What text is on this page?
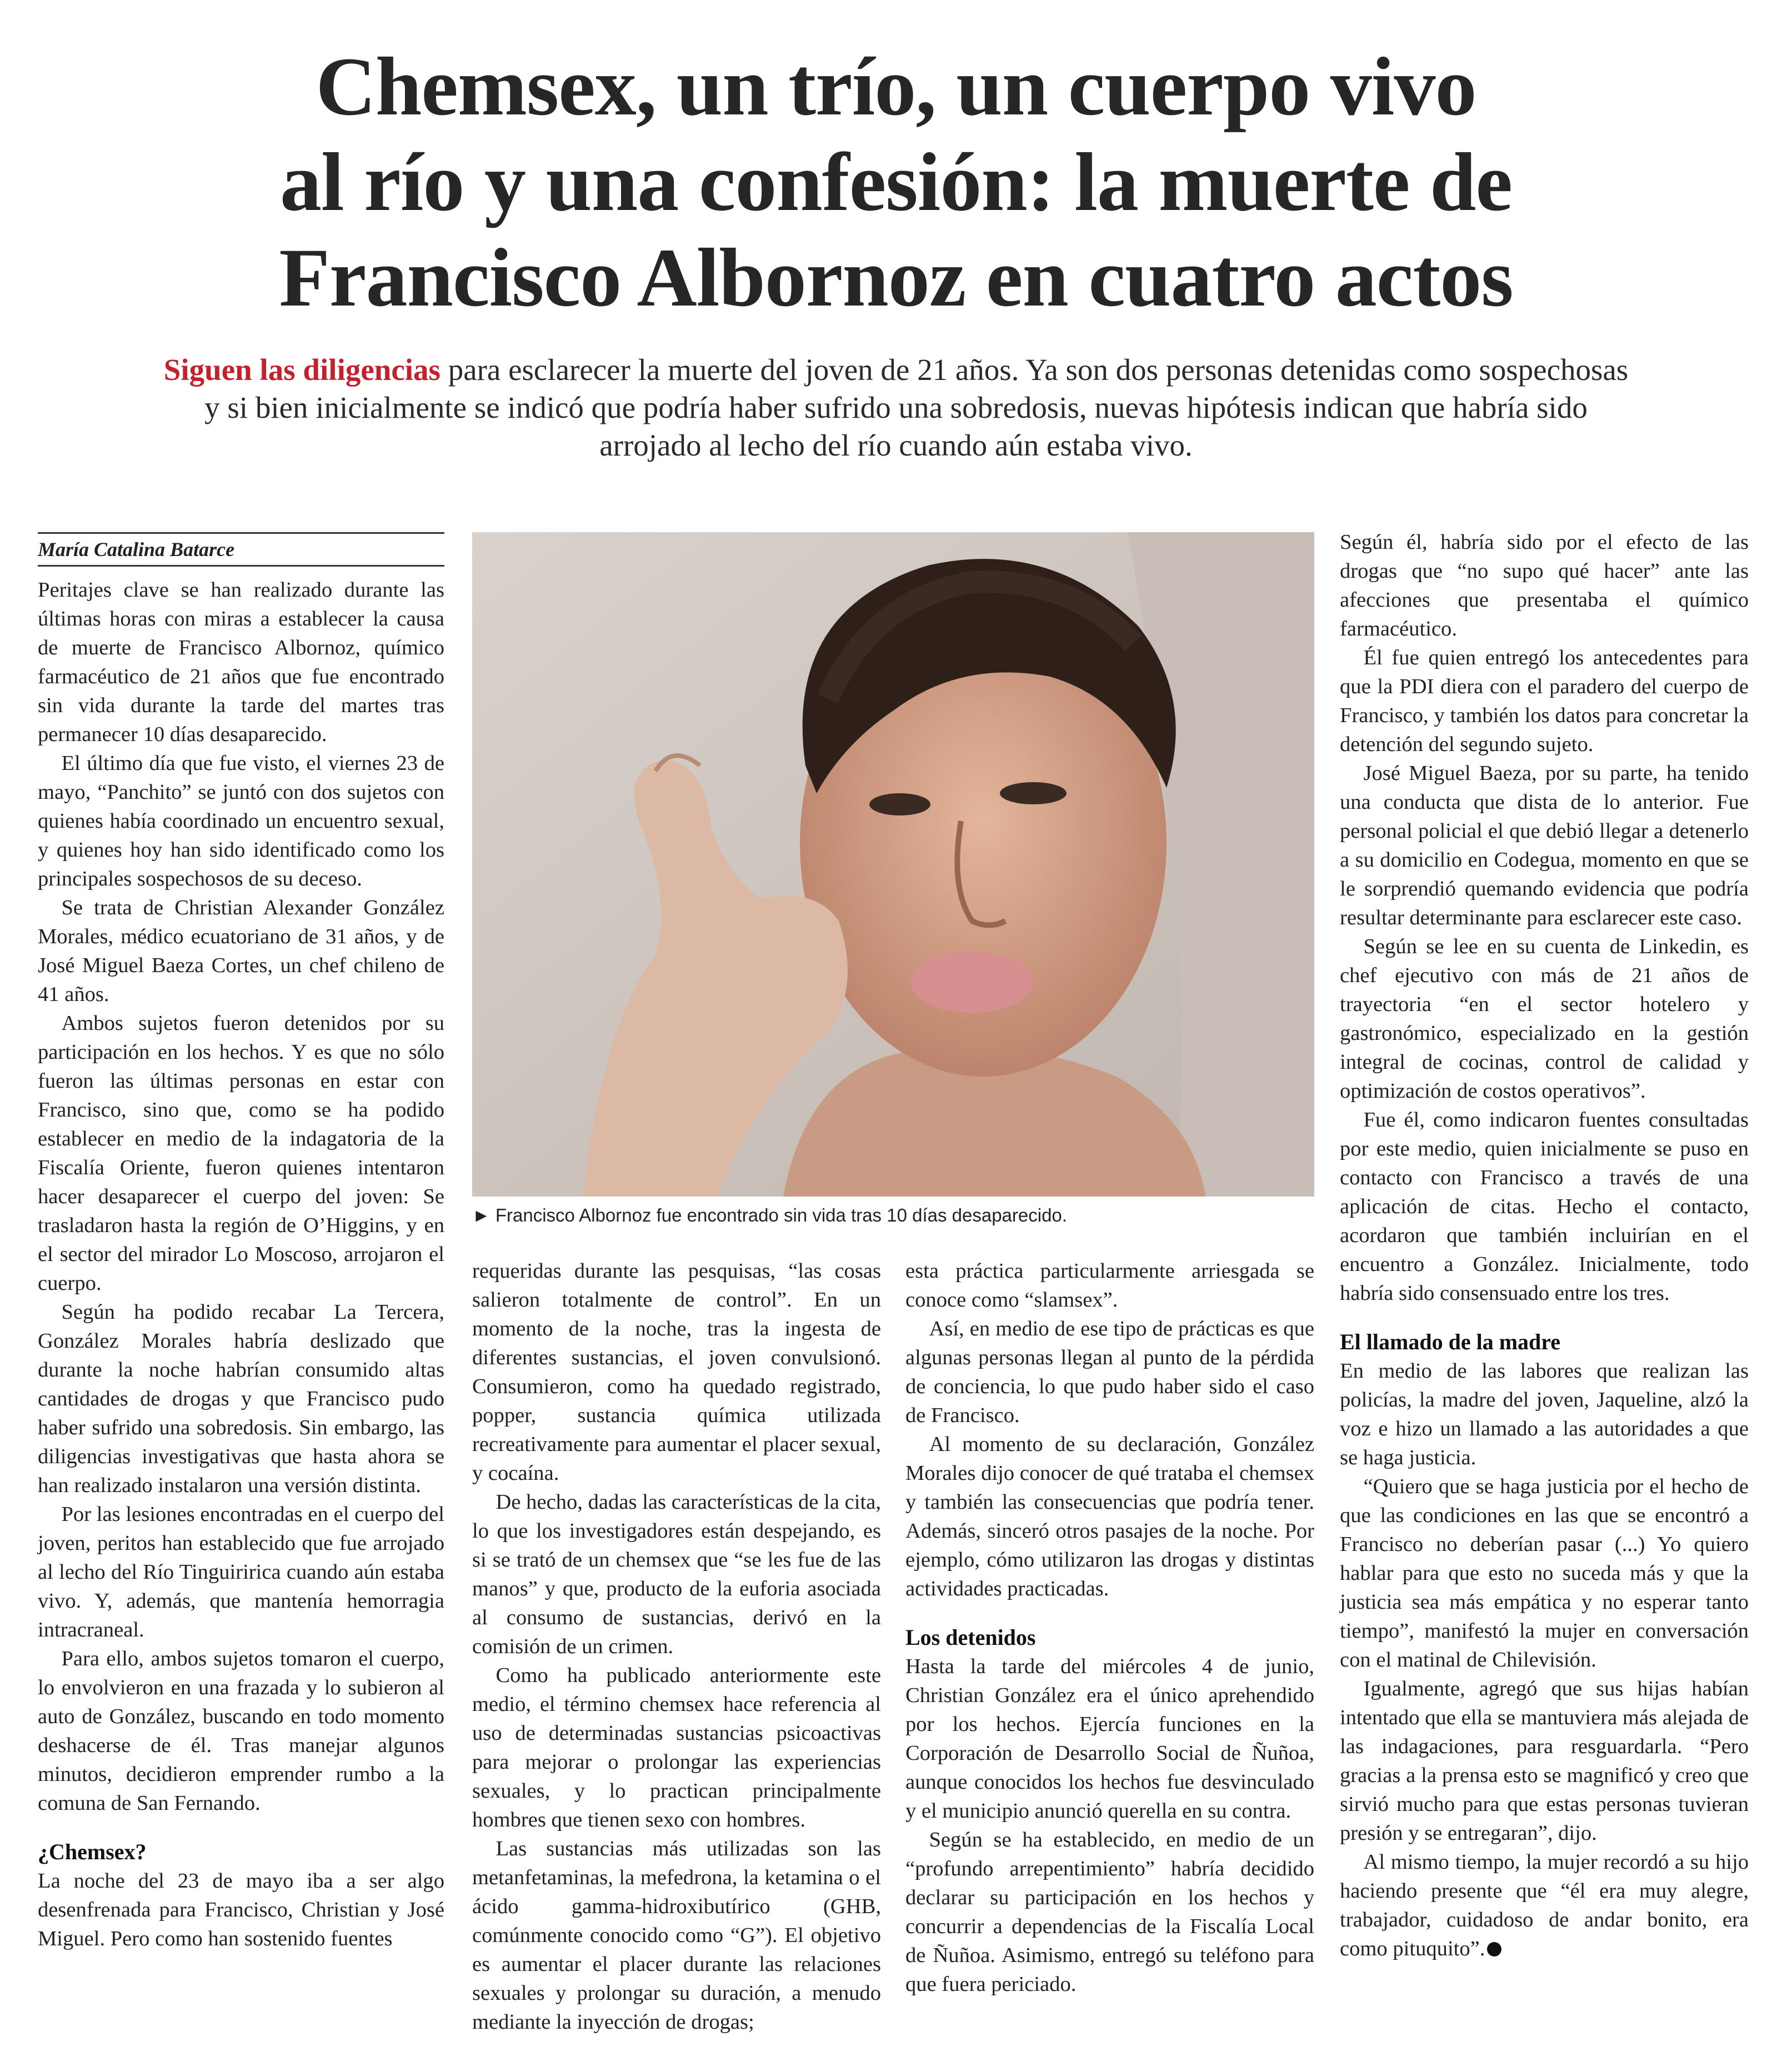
Chemsex, un trío, un cuerpo vivo
al río y una confesión: la muerte de
Francisco Albornoz en cuatro actos
Siguen las diligencias para esclarecer la muerte del joven de 21 años. Ya son dos personas detenidas como sospechosas y si bien inicialmente se indicó que podría haber sufrido una sobredosis, nuevas hipótesis indican que habría sido arrojado al lecho del río cuando aún estaba vivo.
María Catalina Batarce

Peritajes clave se han realizado durante las últimas horas con miras a establecer la causa de muerte de Francisco Albornoz, químico farmacéutico de 21 años que fue encontrado sin vida durante la tarde del martes tras permanecer 10 días desaparecido.

El último día que fue visto, el viernes 23 de mayo, “Panchito” se juntó con dos sujetos con quienes había coordinado un encuentro sexual, y quienes hoy han sido identificado como los principales sospechosos de su deceso.

Se trata de Christian Alexander González Morales, médico ecuatoriano de 31 años, y de José Miguel Baeza Cortes, un chef chileno de 41 años.

Ambos sujetos fueron detenidos por su participación en los hechos. Y es que no sólo fueron las últimas personas en estar con Francisco, sino que, como se ha podido establecer en medio de la indagatoria de la Fiscalía Oriente, fueron quienes intentaron hacer desaparecer el cuerpo del joven: Se trasladaron hasta la región de O’Higgins, y en el sector del mirador Lo Moscoso, arrojaron el cuerpo.

Según ha podido recabar La Tercera, González Morales habría deslizado que durante la noche habrían consumido altas cantidades de drogas y que Francisco pudo haber sufrido una sobredosis. Sin embargo, las diligencias investigativas que hasta ahora se han realizado instalaron una versión distinta.

Por las lesiones encontradas en el cuerpo del joven, peritos han establecido que fue arrojado al lecho del Río Tinguiririca cuando aún estaba vivo. Y, además, que mantenía hemorragia intracraneal.

Para ello, ambos sujetos tomaron el cuerpo, lo envolvieron en una frazada y lo subieron al auto de González, buscando en todo momento deshacerse de él. Tras manejar algunos minutos, decidieron emprender rumbo a la comuna de San Fernando.

¿Chemsex?

La noche del 23 de mayo iba a ser algo desenfrenada para Francisco, Christian y José Miguel. Pero como han sostenido fuentes

► Francisco Albornoz fue encontrado sin vida tras 10 días desaparecido.

requeridas durante las pesquisas, “las cosas salieron totalmente de control”. En un momento de la noche, tras la ingesta de diferentes sustancias, el joven convulsionó. Consumieron, como ha quedado registrado, popper, sustancia química utilizada recreativamente para aumentar el placer sexual, y cocaína.

De hecho, dadas las características de la cita, lo que los investigadores están despejando, es si se trató de un chemsex que “se les fue de las manos” y que, producto de la euforia asociada al consumo de sustancias, derivó en la comisión de un crimen.

Como ha publicado anteriormente este medio, el término chemsex hace referencia al uso de determinadas sustancias psicoactivas para mejorar o prolongar las experiencias sexuales, y lo practican principalmente hombres que tienen sexo con hombres.

Las sustancias más utilizadas son las metanfetaminas, la mefedrona, la ketamina o el ácido gamma-hidroxibutírico (GHB, comúnmente conocido como “G”). El objetivo es aumentar el placer durante las relaciones sexuales y prolongar su duración, a menudo mediante la inyección de drogas;

esta práctica particularmente arriesgada se conoce como “slamsex”.

Así, en medio de ese tipo de prácticas es que algunas personas llegan al punto de la pérdida de conciencia, lo que pudo haber sido el caso de Francisco.

Al momento de su declaración, González Morales dijo conocer de qué trataba el chemsex y también las consecuencias que podría tener. Además, sinceró otros pasajes de la noche. Por ejemplo, cómo utilizaron las drogas y distintas actividades practicadas.

Los detenidos

Hasta la tarde del miércoles 4 de junio, Christian González era el único aprehendido por los hechos. Ejercía funciones en la Corporación de Desarrollo Social de Ñuñoa, aunque conocidos los hechos fue desvinculado y el municipio anunció querella en su contra.

Según se ha establecido, en medio de un “profundo arrepentimiento” habría decidido declarar su participación en los hechos y concurrir a dependencias de la Fiscalía Local de Ñuñoa. Asimismo, entregó su teléfono para que fuera periciado.

Según él, habría sido por el efecto de las drogas que “no supo qué hacer” ante las afecciones que presentaba el químico farmacéutico.

Él fue quien entregó los antecedentes para que la PDI diera con el paradero del cuerpo de Francisco, y también los datos para concretar la detención del segundo sujeto.

José Miguel Baeza, por su parte, ha tenido una conducta que dista de lo anterior. Fue personal policial el que debió llegar a detenerlo a su domicilio en Codegua, momento en que se le sorprendió quemando evidencia que podría resultar determinante para esclarecer este caso.

Según se lee en su cuenta de Linkedin, es chef ejecutivo con más de 21 años de trayectoria “en el sector hotelero y gastronómico, especializado en la gestión integral de cocinas, control de calidad y optimización de costos operativos”.

Fue él, como indicaron fuentes consultadas por este medio, quien inicialmente se puso en contacto con Francisco a través de una aplicación de citas. Hecho el contacto, acordaron que también incluirían en el encuentro a González. Inicialmente, todo habría sido consensuado entre los tres.

El llamado de la madre

En medio de las labores que realizan las policías, la madre del joven, Jaqueline, alzó la voz e hizo un llamado a las autoridades a que se haga justicia.

“Quiero que se haga justicia por el hecho de que las condiciones en las que se encontró a Francisco no deberían pasar (...) Yo quiero hablar para que esto no suceda más y que la justicia sea más empática y no esperar tanto tiempo”, manifestó la mujer en conversación con el matinal de Chilevisión.

Igualmente, agregó que sus hijas habían intentado que ella se mantuviera más alejada de las indagaciones, para resguardarla. “Pero gracias a la prensa esto se magnificó y creo que sirvió mucho para que estas personas tuvieran presión y se entregaran”, dijo.

Al mismo tiempo, la mujer recordó a su hijo haciendo presente que “él era muy alegre, trabajador, cuidadoso de andar bonito, era como pituquito”.
